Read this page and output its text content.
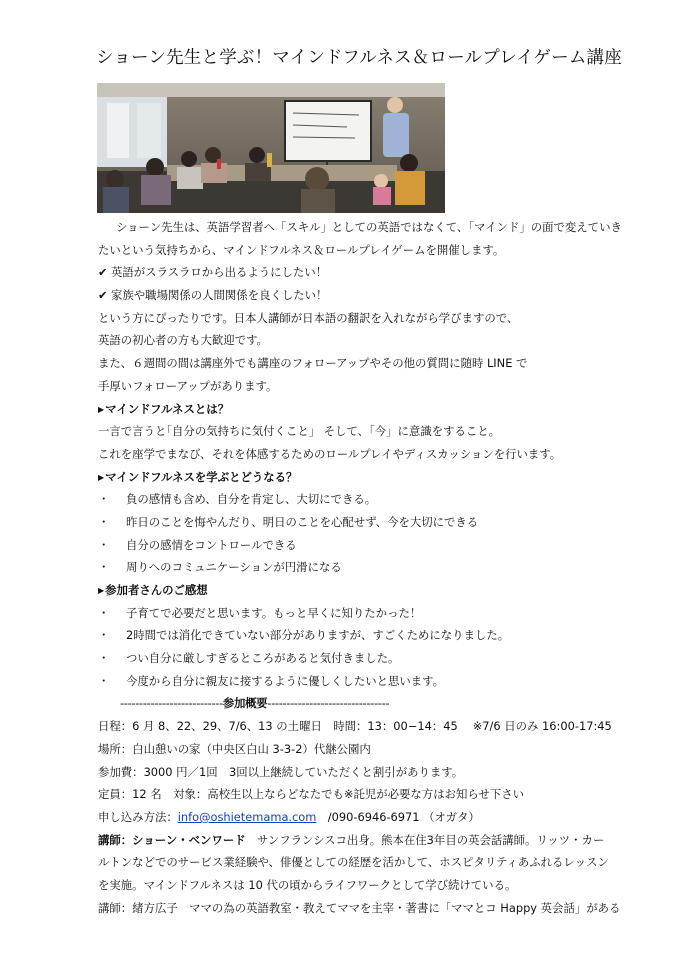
ショーン先生と学ぶ！マインドフルネス＆ロールプレイゲーム講座
ショーン先生は、英語学習者へ「スキル」としての英語ではなくて、「マインド」の面で変えていき
たいという気持ちから、マインドフルネス＆ロールプレイゲームを開催します。
✔ 英語がスラスラロから出るようにしたい！
✔ 家族や職場関係の人間関係を良くしたい！
という方にぴったりです。日本人講師が日本語の翻訳を入れながら学びますので、
英語の初心者の方も大歓迎です。
また、６週間の間は講座外でも講座のフォローアップやその他の質問に随時 LINE で
手厚いフォローアップがあります。
▶マインドフルネスとは？
一言で言うと｢自分の気持ちに気付くこと」 そして、｢今」に意識をすること。
これを座学でまなび、それを体感するためのロールプレイやディスカッションを行います。
▶マインドフルネスを学ぶとどうなる？
・ 負の感情も含め、自分を肯定し、大切にできる。
・ 昨日のことを悔やんだり、明日のことを心配せず、今を大切にできる
・ 自分の感情をコントロールできる
・ 周りへのコミュニケーションが円滑になる
▶参加者さんのご感想
・ 子育てで必要だと思います。もっと早くに知りたかった！
・ 2時間では消化できていない部分がありますが、すごくためになりました。
・ つい自分に厳しすぎるところがあると気付きました。
・ 今度から自分に親友に接するように優しくしたいと思います。
---------------------------参加概要--------------------------------
日程：6 月 8、22、29、7/6、13 の土曜日　時間：13：00−14：45　 ※7/6 日のみ 16:00-17:45
場所：白山憩いの家（中央区白山 3-3-2）代継公園内
参加費：3000 円／1回　3回以上継続していただくと割引があります。
定員：12 名　対象：高校生以上ならどなたでも※託児が必要な方はお知らせ下さい
申し込み方法：info@oshietemama.com　/090-6946-6971 （オガタ）
講師：ショーン・ベンワード　サンフランシスコ出身。熊本在住3年目の英会話講師。リッツ・カー
ルトンなどでのサービス業経験や、俳優としての経歴を活かして、ホスピタリティあふれるレッスン
を実施。マインドフルネスは 10 代の頃からライフワークとして学び続けている。
講師：緒方広子　ママの為の英語教室・教えてママを主宰・著書に「ママとコ Happy 英会話」がある
